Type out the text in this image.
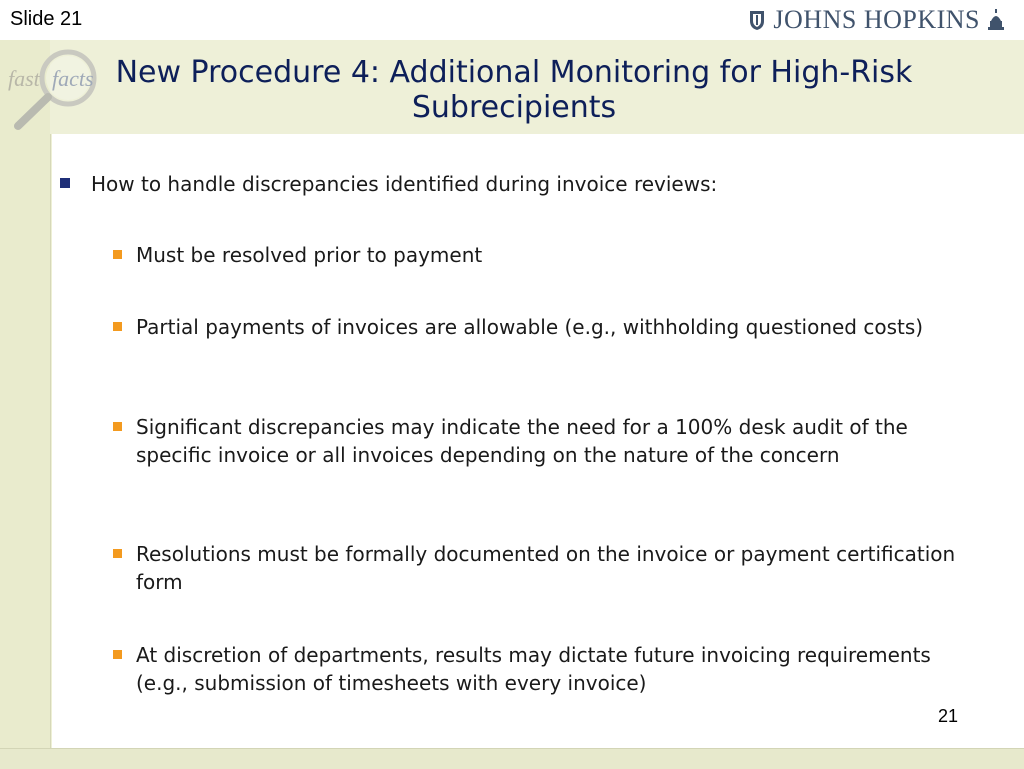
Slide 21	JOHNS HOPKINS
fast facts New Procedure 4: Additional Monitoring for High-Risk
Subrecipients
How to handle discrepancies identified during invoice reviews:
Must be resolved prior to payment
Partial payments of invoices are allowable (e.g., withholding questioned costs)
Significant discrepancies may indicate the need for a 100% desk audit of the specific invoice or all invoices depending on the nature of the concern
Resolutions must be formally documented on the invoice or payment certification form
At discretion of departments, results may dictate future invoicing requirements (e.g., submission of timesheets with every invoice)
21
